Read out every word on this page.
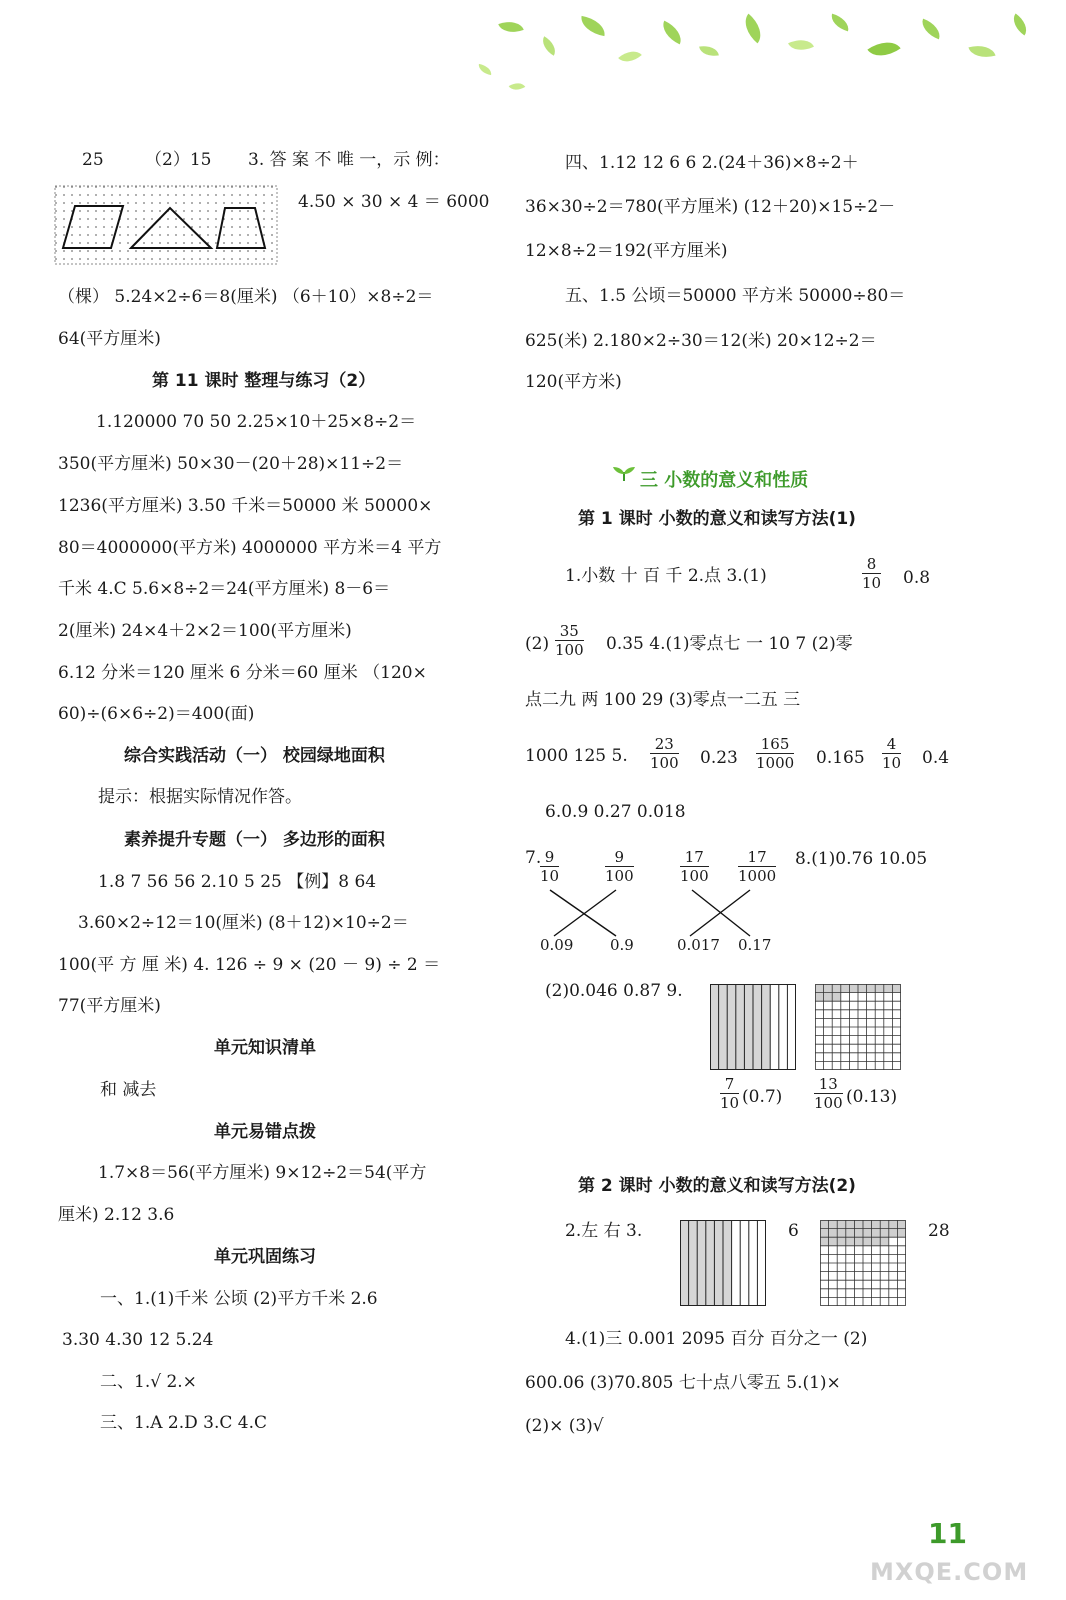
25 （2）15 3. 答 案 不 唯 一，示 例：
4.50 × 30 × 4 ＝ 6000
（棵） 5.24×2÷6＝8(厘米) （6＋10）×8÷2＝
64(平方厘米)
第 11 课时 整理与练习（2）
1.120000 70 50 2.25×10＋25×8÷2＝
350(平方厘米) 50×30－(20＋28)×11÷2＝
1236(平方厘米) 3.50 千米＝50000 米 50000×
80＝4000000(平方米) 4000000 平方米＝4 平方
千米 4.C 5.6×8÷2＝24(平方厘米) 8－6＝
2(厘米) 24×4＋2×2＝100(平方厘米)
6.12 分米＝120 厘米 6 分米＝60 厘米 （120×
60)÷(6×6÷2)＝400(面)
综合实践活动（一） 校园绿地面积
提示：根据实际情况作答。
素养提升专题（一） 多边形的面积
1.8 7 56 56 2.10 5 25 【例】8 64
3.60×2÷12＝10(厘米) (8＋12)×10÷2＝
100(平 方 厘 米) 4. 126 ÷ 9 × (20 － 9) ÷ 2 ＝
77(平方厘米)
单元知识清单
和 减去
单元易错点拨
1.7×8＝56(平方厘米) 9×12÷2＝54(平方
厘米) 2.12 3.6
单元巩固练习
一、1.(1)千米 公顷 (2)平方千米 2.6
3.30 4.30 12 5.24
二、1.√ 2.×
三、1.A 2.D 3.C 4.C
四、1.12 12 6 6 2.(24＋36)×8÷2＋
36×30÷2＝780(平方厘米) (12＋20)×15÷2－
12×8÷2＝192(平方厘米)
五、1.5 公顷＝50000 平方米 50000÷80＝
625(米) 2.180×2÷30＝12(米) 20×12÷2＝
120(平方米)
三 小数的意义和性质
第 1 课时 小数的意义和读写方法(1)
1.小数 十 百 千 2.点 3.(1)	$\frac{8}{10} 0.8$
$(2) \frac{35}{100} 0.35$ 4.(1)零点七 一 10 7 (2)零
点二九 两 100 29 (3)零点一二五 三
1000 125 5. $\frac{23}{100} 0.23 \frac{165}{1000} 0.165 \frac{4}{10} 0.4$
6.0.9 0.27 0.018
7.
$\frac{9}{10}$	$\frac{9}{100}$	$\frac{17}{100} \frac{17}{1000}$
0.09 0.9	0.017 0.17
8.(1)0.76 10.05
(2)0.046 0.87 9.
$\frac{7}{10} (0.7) \frac{13}{100} (0.13)$
第 2 课时 小数的意义和读写方法(2)
2.左 右 3.	6	28
4.(1)三 0.001 2095 百分 百分之一 (2)
600.06 (3)70.805 七十点八零五 5.(1)×
(2)× (3)√
11
MXQE.COM
